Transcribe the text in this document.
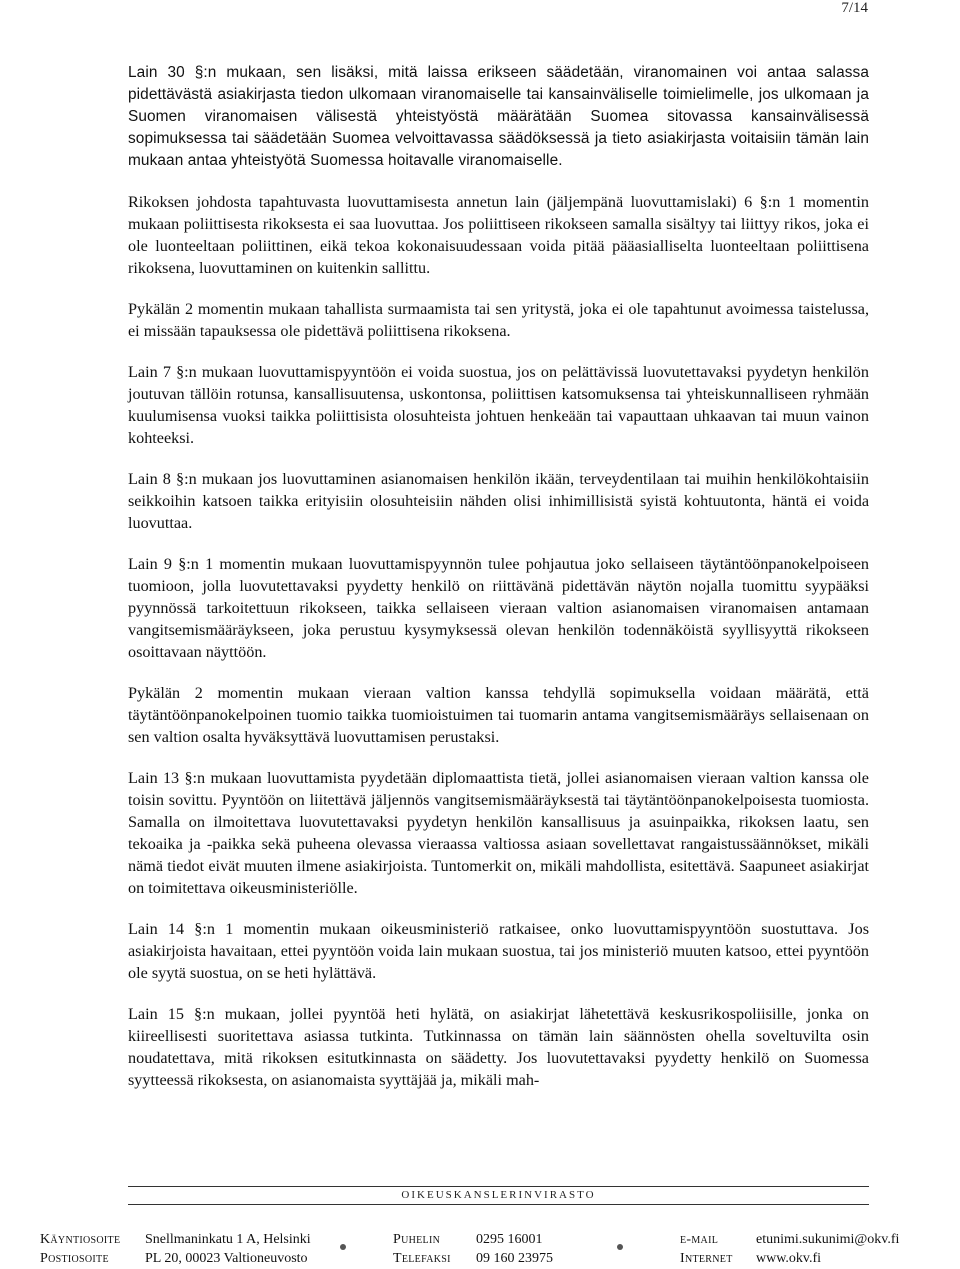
7/14

Lain 30 §:n mukaan, sen lisäksi, mitä laissa erikseen säädetään, viranomainen voi antaa salassa pidettävästä asiakirjasta tiedon ulkomaan viranomaiselle tai kansainväliselle toimielimelle, jos ulkomaan ja Suomen viranomaisen välisestä yhteistyöstä määrätään Suomea sitovassa kansainvälisessä sopimuksessa tai säädetään Suomea velvoittavassa säädöksessä ja tieto asiakirjasta voitaisiin tämän lain mukaan antaa yhteistyötä Suomessa hoitavalle viranomaiselle.

Rikoksen johdosta tapahtuvasta luovuttamisesta annetun lain (jäljempänä luovuttamislaki) 6 §:n 1 momentin mukaan poliittisesta rikoksesta ei saa luovuttaa. Jos poliittiseen rikokseen samalla sisältyy tai liittyy rikos, joka ei ole luonteeltaan poliittinen, eikä tekoa kokonaisuudessaan voida pitää pääasialliselta luonteeltaan poliittisena rikoksena, luovuttaminen on kuitenkin sallittu.

Pykälän 2 momentin mukaan tahallista surmaamista tai sen yritystä, joka ei ole tapahtunut avoimessa taistelussa, ei missään tapauksessa ole pidettävä poliittisena rikoksena.

Lain 7 §:n mukaan luovuttamispyyntöön ei voida suostua, jos on pelättävissä luovutettavaksi pyydetyn henkilön joutuvan tällöin rotunsa, kansallisuutensa, uskontonsa, poliittisen katsomuksensa tai yhteiskunnalliseen ryhmään kuulumisensa vuoksi taikka poliittisista olosuhteista johtuen henkeään tai vapauttaan uhkaavan tai muun vainon kohteeksi.

Lain 8 §:n mukaan jos luovuttaminen asianomaisen henkilön ikään, terveydentilaan tai muihin henkilökohtaisiin seikkoihin katsoen taikka erityisiin olosuhteisiin nähden olisi inhimillisistä syistä kohtuutonta, häntä ei voida luovuttaa.

Lain 9 §:n 1 momentin mukaan luovuttamispyynnön tulee pohjautua joko sellaiseen täytäntöönpanokelpoiseen tuomioon, jolla luovutettavaksi pyydetty henkilö on riittävänä pidettävän näytön nojalla tuomittu syypääksi pyynnössä tarkoitettuun rikokseen, taikka sellaiseen vieraan valtion asianomaisen viranomaisen antamaan vangitsemismääräykseen, joka perustuu kysymyksessä olevan henkilön todennäköistä syyllisyyttä rikokseen osoittavaan näyttöön.

Pykälän 2 momentin mukaan vieraan valtion kanssa tehdyllä sopimuksella voidaan määrätä, että täytäntöönpanokelpoinen tuomio taikka tuomioistuimen tai tuomarin antama vangitsemismääräys sellaisenaan on sen valtion osalta hyväksyttävä luovuttamisen perustaksi.

Lain 13 §:n mukaan luovuttamista pyydetään diplomaattista tietä, jollei asianomaisen vieraan valtion kanssa ole toisin sovittu. Pyyntöön on liitettävä jäljennös vangitsemismääräyksestä tai täytäntöönpanokelpoisesta tuomiosta. Samalla on ilmoitettava luovutettavaksi pyydetyn henkilön kansallisuus ja asuinpaikka, rikoksen laatu, sen tekoaika ja -paikka sekä puheena olevassa vieraassa valtiossa asiaan sovellettavat rangaistussäännökset, mikäli nämä tiedot eivät muuten ilmene asiakirjoista. Tuntomerkit on, mikäli mahdollista, esitettävä. Saapuneet asiakirjat on toimitettava oikeusministeriölle.

Lain 14 §:n 1 momentin mukaan oikeusministeriö ratkaisee, onko luovuttamispyyntöön suostuttava. Jos asiakirjoista havaitaan, ettei pyyntöön voida lain mukaan suostua, tai jos ministeriö muuten katsoo, ettei pyyntöön ole syytä suostua, on se heti hylättävä.

Lain 15 §:n mukaan, jollei pyyntöä heti hylätä, on asiakirjat lähetettävä keskusrikospoliisille, jonka on kiireellisesti suoritettava asiassa tutkinta. Tutkinnassa on tämän lain säännösten ohella soveltuvilta osin noudatettava, mitä rikoksen esitutkinnasta on säädetty. Jos luovutettavaksi pyydetty henkilö on Suomessa syytteessä rikoksesta, on asianomaista syyttäjää ja, mikäli mah-

OIKEUSKANSLERINVIRASTO
Käyntiosoite Snellmaninkatu 1 A, Helsinki	Puhelin	0295 16001	e-mail	etunimi.sukunimi@okv.fi
Postiosoite	PL 20, 00023 Valtioneuvosto	Telefaksi 09 160 23975	Internet www.okv.fi
